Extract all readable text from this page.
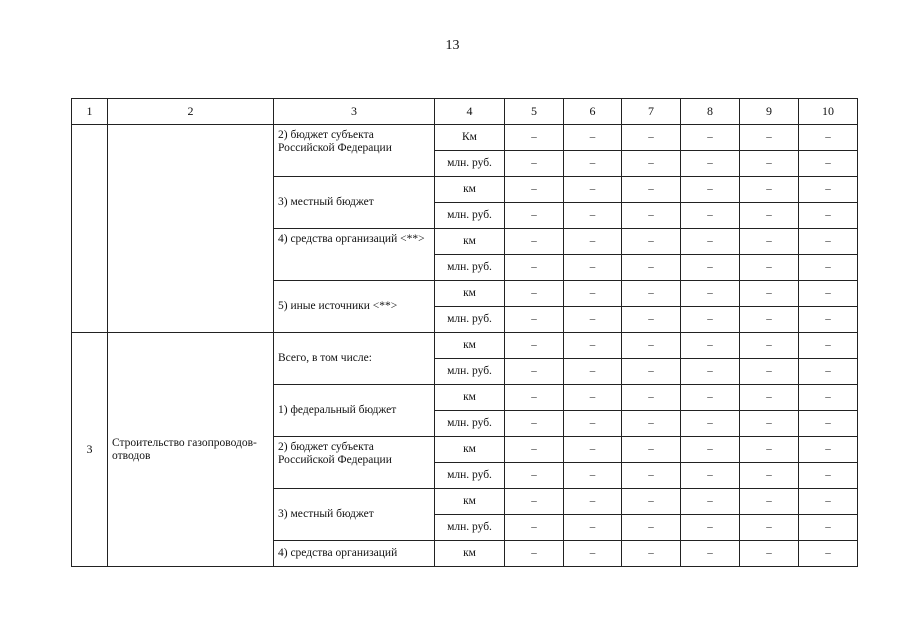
13
1	2	3	4	5	6	7	8	9	10
		2) бюджет субъекта Российской Федерации	Км	–	–	–	–	–	–
			млн. руб.	–	–	–	–	–	–
		3) местный бюджет	км	–	–	–	–	–	–
			млн. руб.	–	–	–	–	–	–
		4) средства организаций <**>	км	–	–	–	–	–	–
			млн. руб.	–	–	–	–	–	–
		5) иные источники <**>	км	–	–	–	–	–	–
			млн. руб.	–	–	–	–	–	–
3	Строительство газопроводов-отводов	Всего, в том числе:	км	–	–	–	–	–	–
			млн. руб.	–	–	–	–	–	–
		1) федеральный бюджет	км	–	–	–	–	–	–
			млн. руб.	–	–	–	–	–	–
		2) бюджет субъекта Российской Федерации	км	–	–	–	–	–	–
			млн. руб.	–	–	–	–	–	–
		3) местный бюджет	км	–	–	–	–	–	–
			млн. руб.	–	–	–	–	–	–
		4) средства организаций	км	–	–	–	–	–	–
